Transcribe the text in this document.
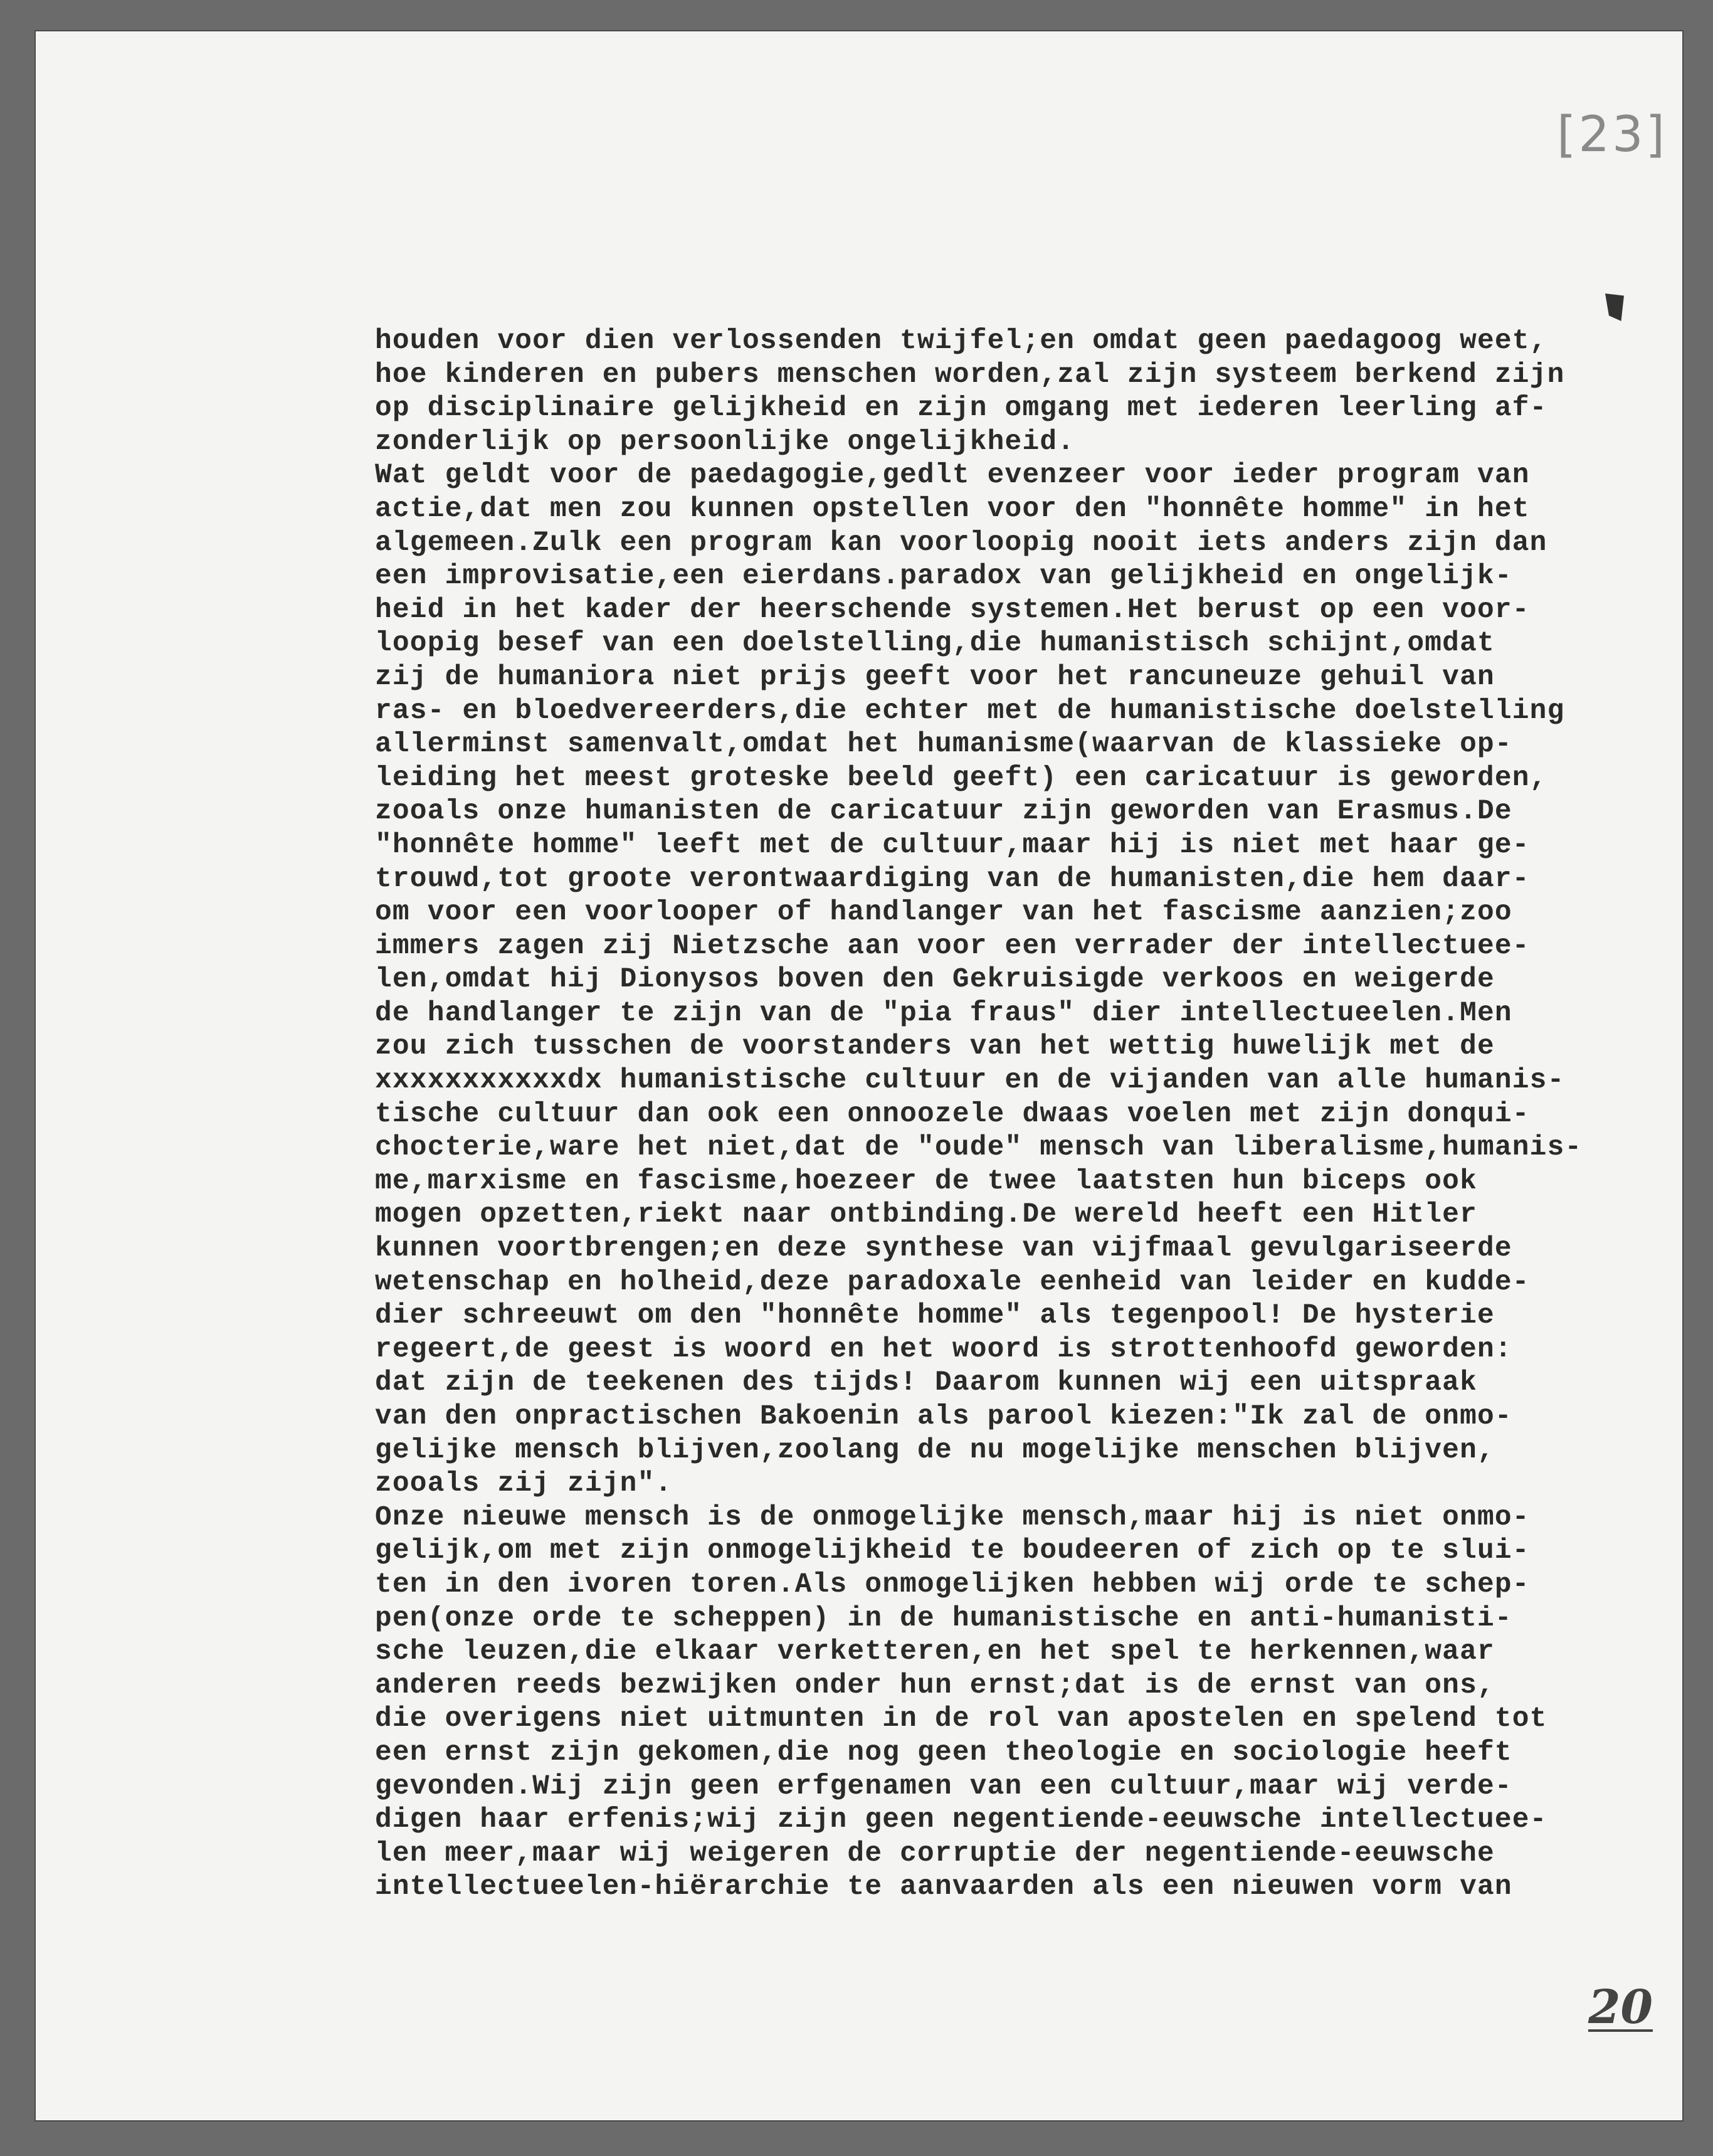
[23]
20
houden voor dien verlossenden twijfel;en omdat geen paedagoog weet,
hoe kinderen en pubers menschen worden,zal zijn systeem berkend zijn
op disciplinaire gelijkheid en zijn omgang met iederen leerling af-
zonderlijk op persoonlijke ongelijkheid.
Wat geldt voor de paedagogie,gedlt evenzeer voor ieder program van
actie,dat men zou kunnen opstellen voor den "honnête homme" in het
algemeen.Zulk een program kan voorloopig nooit iets anders zijn dan
een improvisatie,een eierdans.paradox van gelijkheid en ongelijk-
heid in het kader der heerschende systemen.Het berust op een voor-
loopig besef van een doelstelling,die humanistisch schijnt,omdat
zij de humaniora niet prijs geeft voor het rancuneuze gehuil van
ras- en bloedvereerders,die echter met de humanistische doelstelling
allerminst samenvalt,omdat het humanisme(waarvan de klassieke op-
leiding het meest groteske beeld geeft) een caricatuur is geworden,
zooals onze humanisten de caricatuur zijn geworden van Erasmus.De
"honnête homme" leeft met de cultuur,maar hij is niet met haar ge-
trouwd,tot groote verontwaardiging van de humanisten,die hem daar-
om voor een voorlooper of handlanger van het fascisme aanzien;zoo
immers zagen zij Nietzsche aan voor een verrader der intellectuee-
len,omdat hij Dionysos boven den Gekruisigde verkoos en weigerde
de handlanger te zijn van de "pia fraus" dier intellectueelen.Men
zou zich tusschen de voorstanders van het wettig huwelijk met de
xxxxxxxxxxxdx humanistische cultuur en de vijanden van alle humanis-
tische cultuur dan ook een onnoozele dwaas voelen met zijn donqui-
chocterie,ware het niet,dat de "oude" mensch van liberalisme,humanis-
me,marxisme en fascisme,hoezeer de twee laatsten hun biceps ook
mogen opzetten,riekt naar ontbinding.De wereld heeft een Hitler
kunnen voortbrengen;en deze synthese van vijfmaal gevulgariseerde
wetenschap en holheid,deze paradoxale eenheid van leider en kudde-
dier schreeuwt om den "honnête homme" als tegenpool! De hysterie
regeert,de geest is woord en het woord is strottenhoofd geworden:
dat zijn de teekenen des tijds! Daarom kunnen wij een uitspraak
van den onpractischen Bakoenin als parool kiezen:"Ik zal de onmo-
gelijke mensch blijven,zoolang de nu mogelijke menschen blijven,
zooals zij zijn".
Onze nieuwe mensch is de onmogelijke mensch,maar hij is niet onmo-
gelijk,om met zijn onmogelijkheid te boudeeren of zich op te slui-
ten in den ivoren toren.Als onmogelijken hebben wij orde te schep-
pen(onze orde te scheppen) in de humanistische en anti-humanisti-
sche leuzen,die elkaar verketteren,en het spel te herkennen,waar
anderen reeds bezwijken onder hun ernst;dat is de ernst van ons,
die overigens niet uitmunten in de rol van apostelen en spelend tot
een ernst zijn gekomen,die nog geen theologie en sociologie heeft
gevonden.Wij zijn geen erfgenamen van een cultuur,maar wij verde-
digen haar erfenis;wij zijn geen negentiende-eeuwsche intellectuee-
len meer,maar wij weigeren de corruptie der negentiende-eeuwsche
intellectueelen-hiërarchie te aanvaarden als een nieuwen vorm van
